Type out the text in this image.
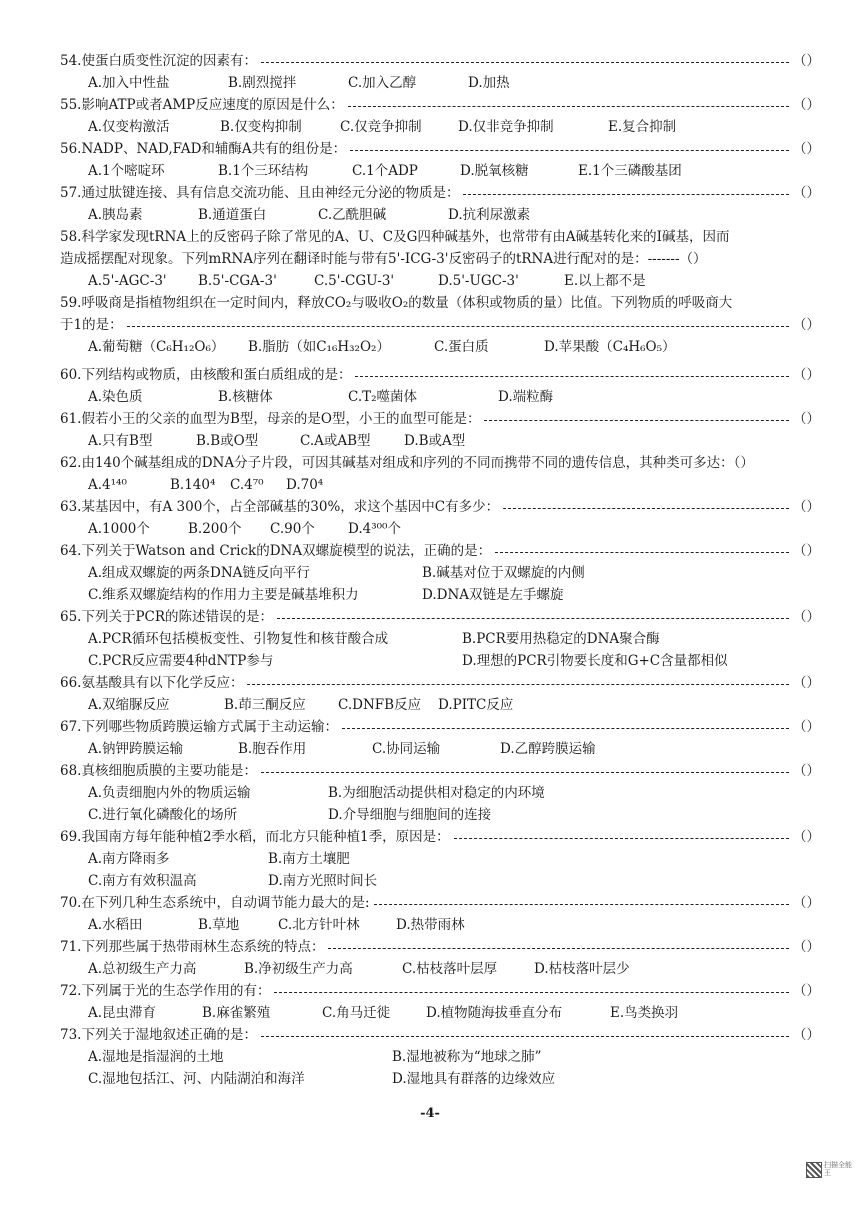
54.使蛋白质变性沉淀的因素有：	（）
A.加入中性盐	B.剧烈搅拌	C.加入乙醇	D.加热
55.影响ATP或者AMP反应速度的原因是什么：	（）
A.仅变构激活	B.仅变构抑制	C.仅竞争抑制	D.仅非竞争抑制	E.复合抑制
56.NADP、NAD,FAD和辅酶A共有的组份是：	（）
A.1个嘧啶环	B.1个三环结构	C.1个ADP	D.脱氧核糖	E.1个三磷酸基团
57.通过肽键连接、具有信息交流功能、且由神经元分泌的物质是：	（）
A.胰岛素	B.通道蛋白	C.乙酰胆碱	D.抗利尿激素
58.科学家发现tRNA上的反密码子除了常见的A、U、C及G四种碱基外，也常带有由A碱基转化来的I碱基，因而
造成摇摆配对现象。下列mRNA序列在翻译时能与带有5'-ICG-3'反密码子的tRNA进行配对的是：-------（）
A.5'-AGC-3' B.5'-CGA-3'	C.5'-CGU-3'	D.5'-UGC-3'	E.以上都不是
59.呼吸商是指植物组织在一定时间内，释放CO₂与吸收O₂的数量（体积或物质的量）比值。下列物质的呼吸商大
于1的是：	（）
A.葡萄糖（C₆H₁₂O₆） B.脂肪（如C₁₆H₃₂O₂）	C.蛋白质	D.苹果酸（C₄H₆O₅）
60.下列结构或物质，由核酸和蛋白质组成的是：	（）
A.染色质	B.核糖体	C.T₂噬菌体	D.端粒酶
61.假若小王的父亲的血型为B型，母亲的是O型，小王的血型可能是：	（）
A.只有B型	B.B或O型	C.A或AB型 D.B或A型
62.由140个碱基组成的DNA分子片段，可因其碱基对组成和序列的不同而携带不同的遗传信息，其种类可多达：（）
A.4¹⁴⁰	B.140⁴ C.4⁷⁰ D.70⁴
63.某基因中，有A 300个，占全部碱基的30%，求这个基因中C有多少：	（）
A.1000个	B.200个 C.90个 D.4³⁰⁰个
64.下列关于Watson and Crick的DNA双螺旋模型的说法，正确的是：	（）
A.组成双螺旋的两条DNA链反向平行	B.碱基对位于双螺旋的内侧
C.维系双螺旋结构的作用力主要是碱基堆积力	D.DNA双链是左手螺旋
65.下列关于PCR的陈述错误的是：	（）
A.PCR循环包括模板变性、引物复性和核苷酸合成	B.PCR要用热稳定的DNA聚合酶
C.PCR反应需要4种dNTP参与	D.理想的PCR引物要长度和G+C含量都相似
66.氨基酸具有以下化学反应：	（）
A.双缩脲反应	B.茚三酮反应 C.DNFB反应 D.PITC反应
67.下列哪些物质跨膜运输方式属于主动运输：	（）
A.钠钾跨膜运输	B.胞吞作用	C.协同运输	D.乙醇跨膜运输
68.真核细胞质膜的主要功能是：	（）
A.负责细胞内外的物质运输	B.为细胞活动提供相对稳定的内环境
C.进行氧化磷酸化的场所	D.介导细胞与细胞间的连接
69.我国南方每年能种植2季水稻，而北方只能种植1季，原因是：	（）
A.南方降雨多	B.南方土壤肥
C.南方有效积温高	D.南方光照时间长
70.在下列几种生态系统中，自动调节能力最大的是:	（）
A.水稻田	B.草地	C.北方针叶林	D.热带雨林
71.下列那些属于热带雨林生态系统的特点：	（）
A.总初级生产力高	B.净初级生产力高	C.枯枝落叶层厚	D.枯枝落叶层少
72.下列属于光的生态学作用的有：	（）
A.昆虫滞育	B.麻雀繁殖	C.角马迁徙	D.植物随海拔垂直分布	E.鸟类换羽
73.下列关于湿地叙述正确的是：	（）
A.湿地是指湿润的土地	B.湿地被称为“地球之肺”
C.湿地包括江、河、内陆湖泊和海洋	D.湿地具有群落的边缘效应
-4-
扫描全能王
